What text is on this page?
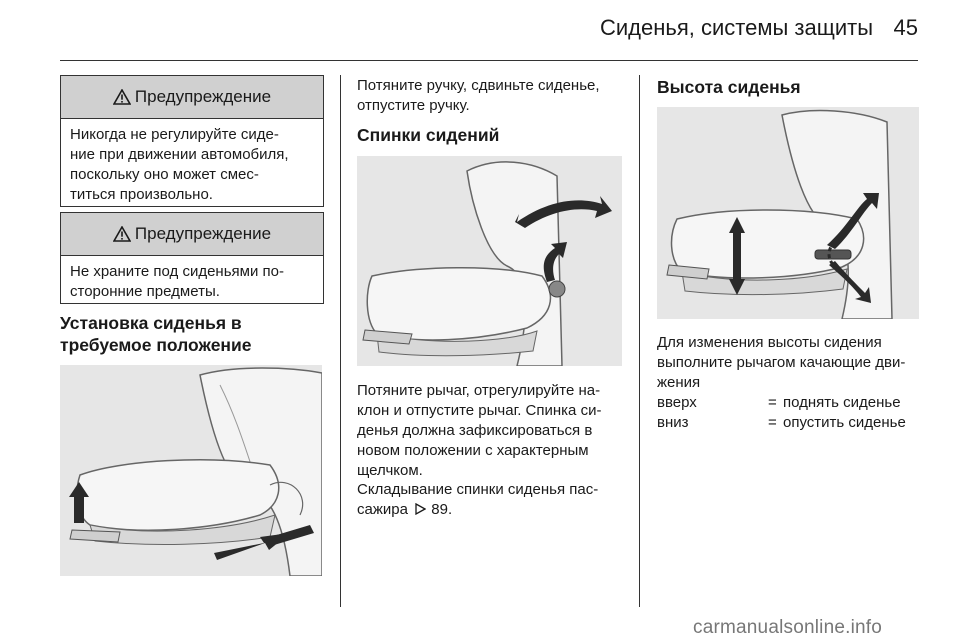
Сиденья, системы защиты 45
Предупреждение
Никогда не регулируйте сиде-
ние при движении автомобиля,
поскольку оно может смес-
титься произвольно.
Предупреждение
Не храните под сиденьями по-
сторонние предметы.
Установка сиденья в
требуемое положение
Потяните ручку, сдвиньте сиденье,
отпустите ручку.
Спинки сидений
Потяните рычаг, отрегулируйте на-
клон и отпустите рычаг. Спинка си-
денья должна зафиксироваться в
новом положении с характерным
щелчком.
Складывание спинки сиденья пас-
сажира 89.
Высота сиденья
Для изменения высоты сидения
выполните рычагом качающие дви-
жения
вверх	= поднять сиденье
вниз	= опустить сиденье
carmanualsonline.info
